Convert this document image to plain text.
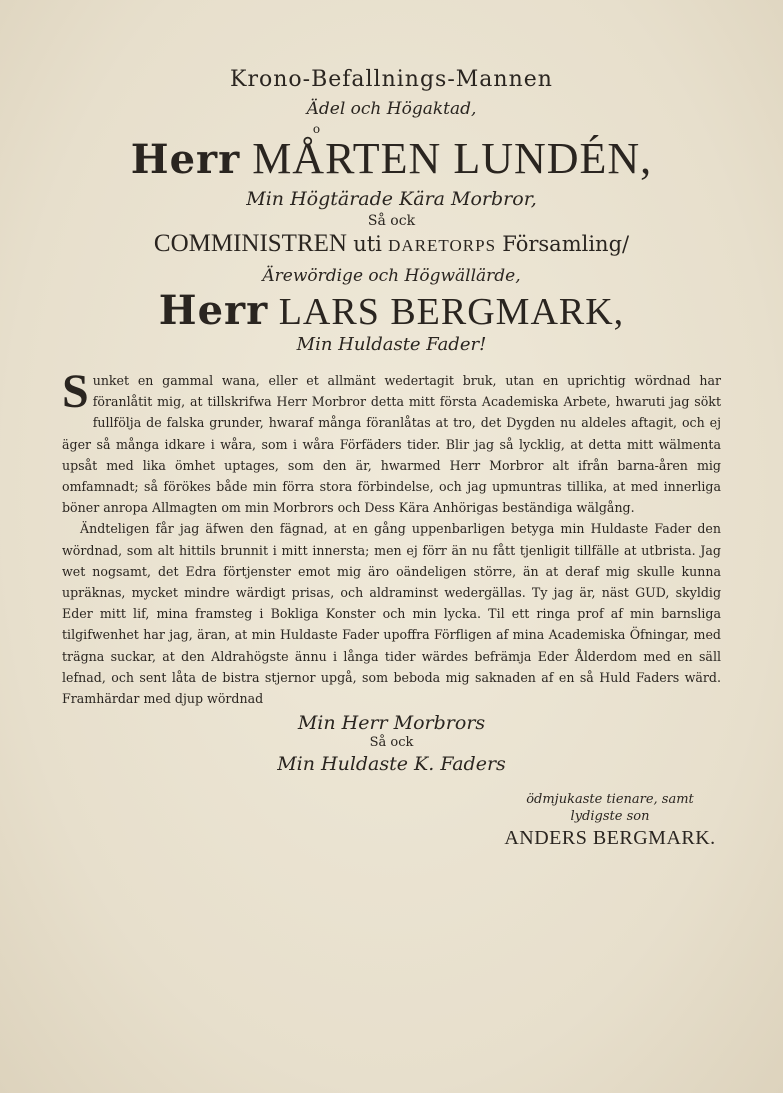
Krono-Befallnings-Mannen
Ädel och Högaktad,
o
Herr MÅRTEN LUNDÉN,
Min Högtärade Kära Morbror,
Så ock
COMMINISTREN uti DARETORPS Församling/
Ärewördige och Högwällärde,
Herr LARS BERGMARK,
Min Huldaste Fader!
S unket en gammal wana, eller et allmänt wedertagit bruk, utan en uprichtig wördnad har föranlåtit mig, at tillskrifwa Herr Morbror detta mitt första Academiska Arbete, hwaruti jag sökt fullfölja de falska grunder, hwaraf många föranlåtas at tro, det Dygden nu aldeles aftagit, och ej äger så många idkare i wåra, som i wåra Förfäders tider. Blir jag så lycklig, at detta mitt wälmenta upsåt med lika ömhet uptages, som den är, hwarmed Herr Morbror alt ifrån barna-åren mig omfamnadt; så förökes både min förra stora förbindelse, och jag upmuntras tillika, at med innerliga böner anropa Allmagten om min Morbrors och Dess Kära Anhörigas beständiga wälgång.

Ändteligen får jag äfwen den fägnad, at en gång uppenbarligen betyga min Huldaste Fader den wördnad, som alt hittils brunnit i mitt innersta; men ej förr än nu fått tjenligit tillfälle at utbrista. Jag wet nogsamt, det Edra förtjenster emot mig äro oändeligen större, än at deraf mig skulle kunna upräknas, mycket mindre wärdigt prisas, och aldraminst wedergällas. Ty jag är, näst GUD, skyldig Eder mitt lif, mina framsteg i Bokliga Konster och min lycka. Til ett ringa prof af min barnsliga tilgifwenhet har jag, äran, at min Huldaste Fader upoffra Förfligen af mina Academiska Öfningar, med trägna suckar, at den Aldrahögste ännu i långa tider wärdes befrämja Eder Ålderdom med en säll lefnad, och sent låta de bistra stjernor upgå, som beboda mig saknaden af en så Huld Faders wärd. Framhärdar med djup wördnad

Min Herr Morbrors
Så ock
Min Huldaste K. Faders
ödmjukaste tienare, samt
lydigste son
ANDERS BERGMARK.
